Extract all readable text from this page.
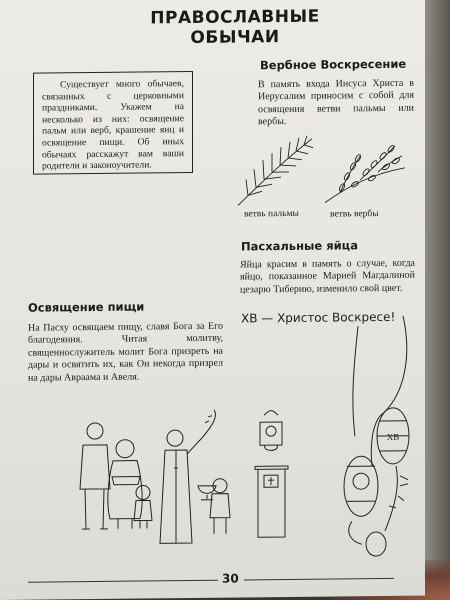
ПРАВОСЛАВНЫЕ ОБЫЧАИ
Существует много обычаев, связанных с церковными праздниками. Укажем на несколько из них: освящение пальм или верб, крашение яиц и освящение пищи. Об иных обычаях расскажут вам ваши родители и законоучители.
Вербное Воскресение
В память входа Иисуса Христа в Иерусалим приносим с собой для освящения ветви пальмы или вербы.
ветвь пальмы	ветвь вербы
Пасхальные яйца
Яйца красим в память о случае, когда яйцо, показанное Марией Магдалиной цезарю Тиберию, изменило свой цвет.
ХВ — Христос Воскресе!
Освящение пищи
На Пасху освящаем пищу, славя Бога за Его благодеяния. Читая молитву, священнослужитель молит Бога призреть на дары и освятить их, как Он некогда призрел на дары Авраама и Авеля.
ХВ
30
